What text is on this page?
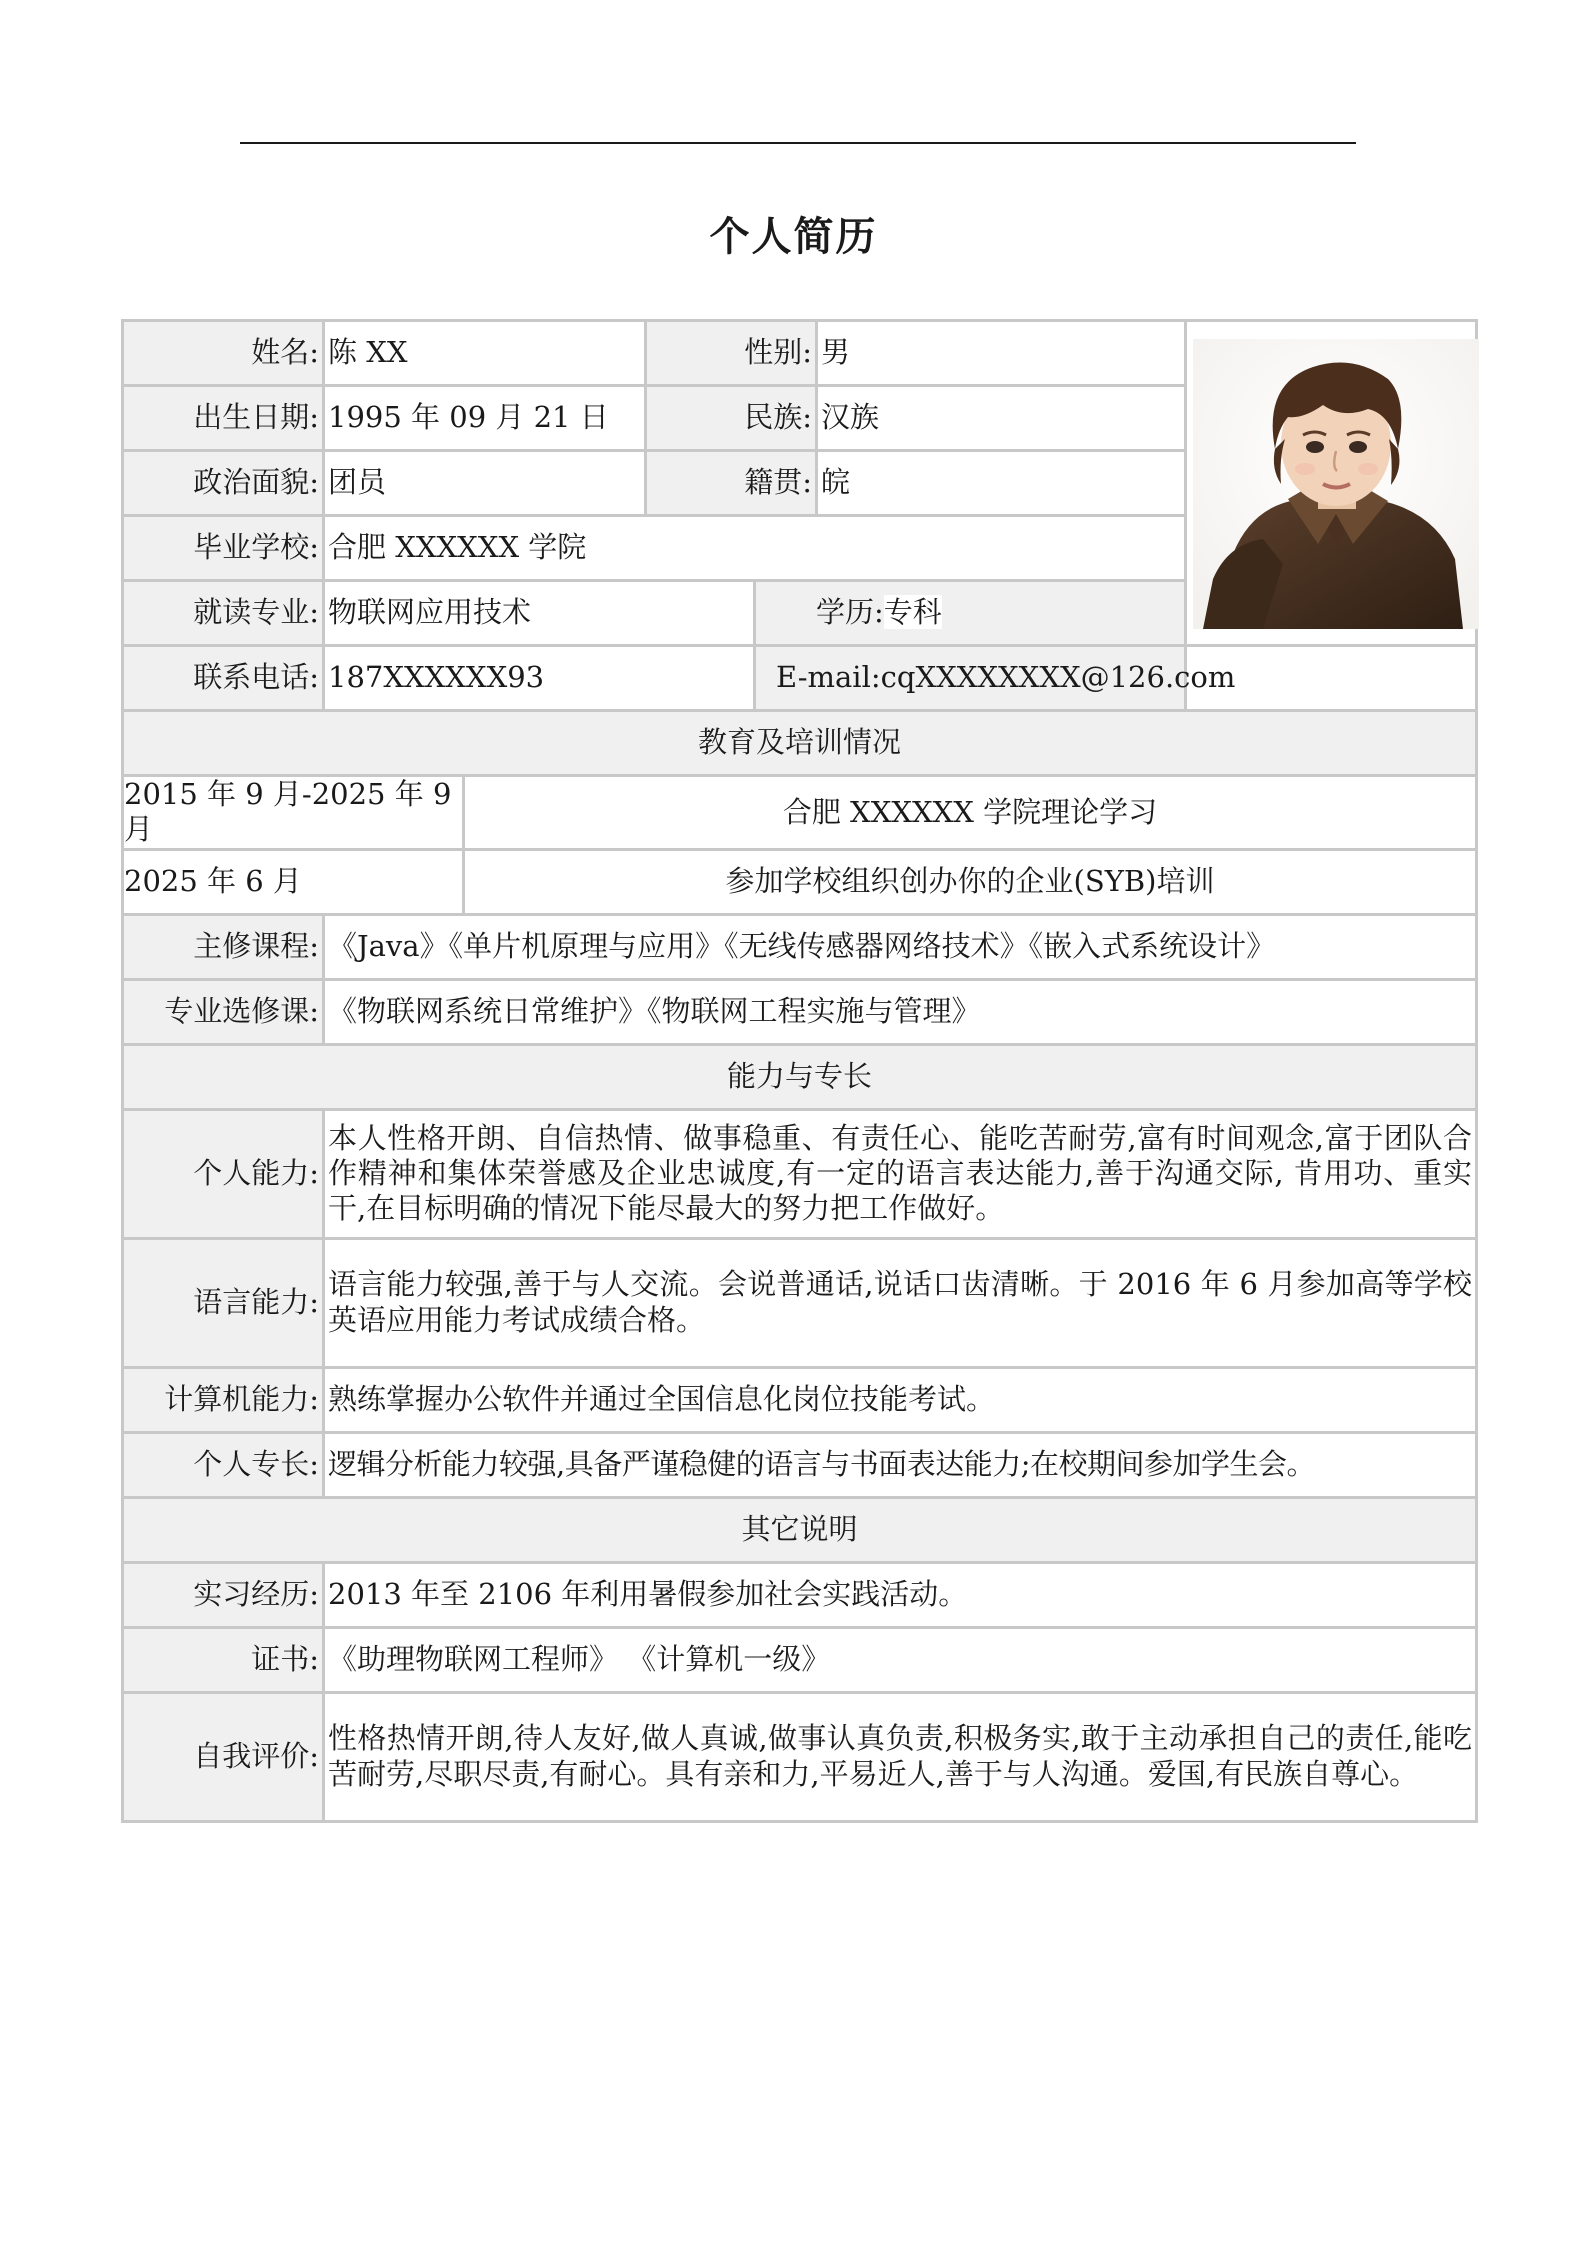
个人简历
姓名:	陈 XX		性别:		男	

出生日期:	1995 年 09 月 21 日		民族:		汉族	
政治面貌:	团员		籍贯:		皖	
毕业学校:	合肥 XXXXXX 学院					
就读专业:	物联网应用技术			学历:专科		
联系电话:	187XXXXXX93			E-mail:cqXXXXXXXX@126.com		
教育及培训情况						
2015 年 9 月-2025 年 9 月		合肥 XXXXXX 学院理论学习				
2025 年 6 月		参加学校组织创办你的企业(SYB)培训				
主修课程:	《Java》《单片机原理与应用》《无线传感器网络技术》《嵌入式系统设计》					
专业选修课:	《物联网系统日常维护》《物联网工程实施与管理》					
能力与专长						
个人能力:	本人性格开朗、自信热情、做事稳重、有责任心、能吃苦耐劳,富有时间观念,富于团队合作精神和集体荣誉感及企业忠诚度,有一定的语言表达能力,善于沟通交际, 肯用功、重实干,在目标明确的情况下能尽最大的努力把工作做好。					
语言能力:	语言能力较强,善于与人交流。会说普通话,说话口齿清晰。于 2016 年 6 月参加高等学校英语应用能力考试成绩合格。					
计算机能力:	熟练掌握办公软件并通过全国信息化岗位技能考试。					
个人专长:	逻辑分析能力较强,具备严谨稳健的语言与书面表达能力;在校期间参加学生会。					
其它说明						
实习经历:	2013 年至 2106 年利用暑假参加社会实践活动。					
证书:	《助理物联网工程师》 《计算机一级》					
自我评价:	性格热情开朗,待人友好,做人真诚,做事认真负责,积极务实,敢于主动承担自己的责任,能吃苦耐劳,尽职尽责,有耐心。具有亲和力,平易近人,善于与人沟通。爱国,有民族自尊心。					
